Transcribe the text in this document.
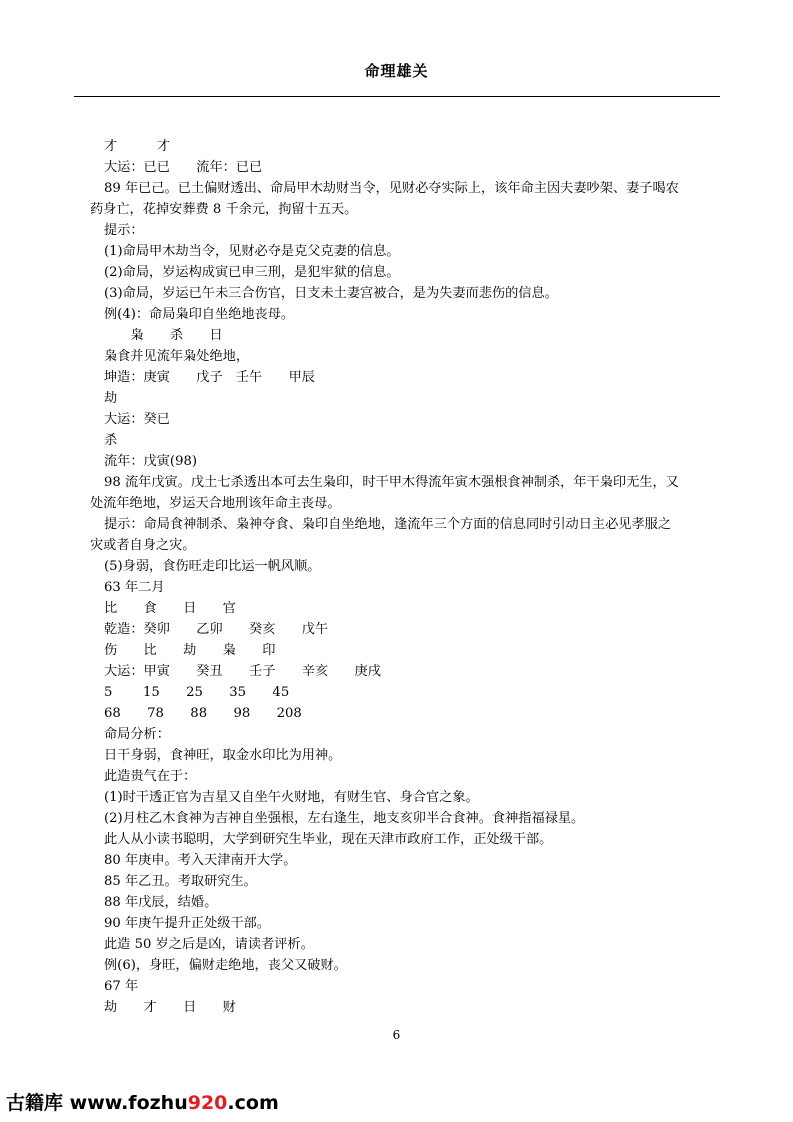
命理雄关
才　　　才
大运：已已　　流年：已已
89 年已己。已土偏财透出、命局甲木劫财当令，见财必夺实际上，该年命主因夫妻吵架、妻子喝农
药身亡，花掉安葬费 8 千余元，拘留十五天。
提示：
(1)命局甲木劫当令，见财必夺是克父克妻的信息。
(2)命局，岁运构成寅已申三刑，是犯牢狱的信息。
(3)命局，岁运已午未三合伤官，日支未土妻宫被合，是为失妻而悲伤的信息。
例(4)：命局枭印自坐绝地丧母。
　　枭　　杀　　日
枭食并见流年枭处绝地，
坤造：庚寅　　戊子　壬午　　甲辰
劫
大运：癸已
杀
流年：戊寅(98)
98 流年戊寅。戊土七杀透出本可去生枭印，时干甲木得流年寅木强根食神制杀，年干枭印无生，又
处流年绝地，岁运天合地刑该年命主丧母。
提示：命局食神制杀、枭神夺食、枭印自坐绝地，逢流年三个方面的信息同时引动日主必见孝服之
灾或者自身之灾。
(5)身弱，食伤旺走印比运一帆风顺。
63 年二月
比　　食　　日　　官
乾造：癸卯　　乙卯　　癸亥　　戊午
伤　　比　　劫　　枭　　印
大运：甲寅　　癸丑　　壬子　　辛亥　　庚戌
5　　 15　　25　　35　　45
68　　78　　88　　98　　208
命局分析：
日干身弱，食神旺，取金水印比为用神。
此造贵气在于：
(1)时干透正官为吉星又自坐午火财地，有财生官、身合官之象。
(2)月柱乙木食神为吉神自坐强根，左右逢生，地支亥卯半合食神。食神指福禄星。
此人从小读书聪明，大学到研究生毕业，现在天津市政府工作，正处级干部。
80 年庚申。考入天津南开大学。
85 年乙丑。考取研究生。
88 年戊辰，结婚。
90 年庚午提升正处级干部。
此造 50 岁之后是凶，请读者评析。
例(6)，身旺，偏财走绝地，丧父又破财。
67 年
劫　　才　　日　　财
6
古籍库 www.fozhu920.com
